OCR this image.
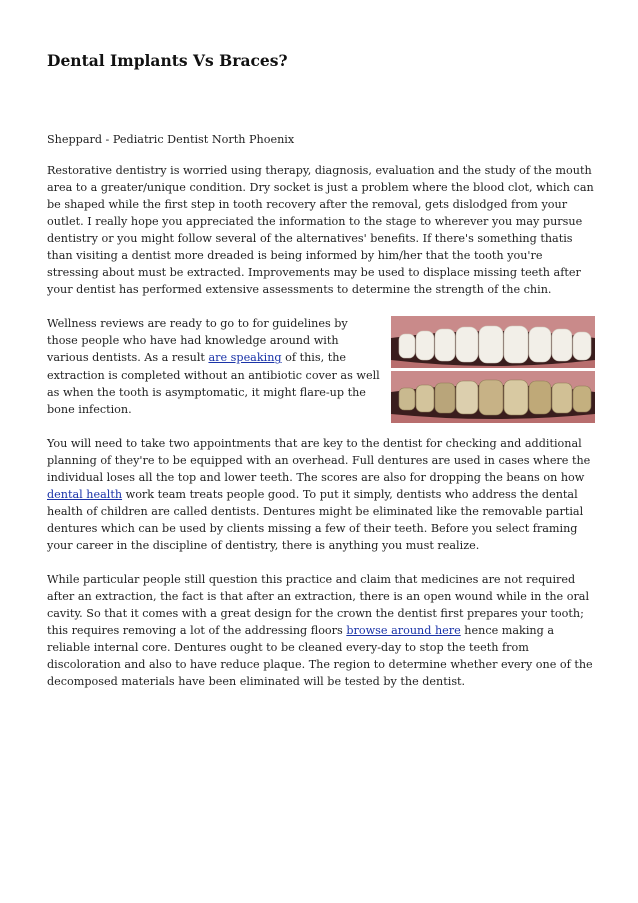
Dental Implants Vs Braces?

Sheppard - Pediatric Dentist North Phoenix

Restorative dentistry is worried using therapy, diagnosis, evaluation and the study of the mouth area to a greater/unique condition. Dry socket is just a problem where the blood clot, which can be shaped while the first step in tooth recovery after the removal, gets dislodged from your outlet. I really hope you appreciated the information to the stage to wherever you may pursue dentistry or you might follow several of the alternatives' benefits. If there's something thatis than visiting a dentist more dreaded is being informed by him/her that the tooth you're stressing about must be extracted. Improvements may be used to displace missing teeth after your dentist has performed extensive assessments to determine the strength of the chin.

Wellness reviews are ready to go to for guidelines by those people who have had knowledge around with various dentists. As a result are speaking of this, the extraction is completed without an antibiotic cover as well as when the tooth is asymptomatic, it might flare-up the bone infection.

You will need to take two appointments that are key to the dentist for checking and additional planning of they're to be equipped with an overhead. Full dentures are used in cases where the individual loses all the top and lower teeth. The scores are also for dropping the beans on how dental health work team treats people good. To put it simply, dentists who address the dental health of children are called dentists. Dentures might be eliminated like the removable partial dentures which can be used by clients missing a few of their teeth. Before you select framing your career in the discipline of dentistry, there is anything you must realize.

While particular people still question this practice and claim that medicines are not required after an extraction, the fact is that after an extraction, there is an open wound while in the oral cavity. So that it comes with a great design for the crown the dentist first prepares your tooth; this requires removing a lot of the addressing floors browse around here hence making a reliable internal core. Dentures ought to be cleaned every-day to stop the teeth from discoloration and also to have reduce plaque. The region to determine whether every one of the decomposed materials have been eliminated will be tested by the dentist.
